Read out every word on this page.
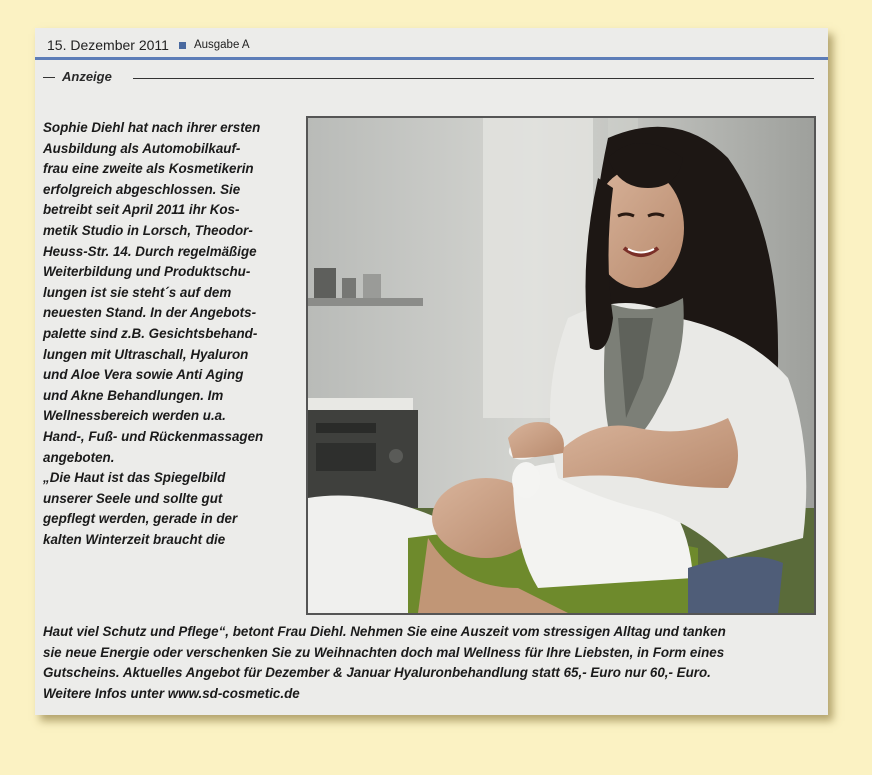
15. Dezember 2011 Ausgabe A
Anzeige
Sophie Diehl hat nach ihrer ersten
Ausbildung als Automobilkauf-
frau eine zweite als Kosmetikerin
erfolgreich abgeschlossen. Sie
betreibt seit April 2011 ihr Kos-
metik Studio in Lorsch, Theodor-
Heuss-Str. 14. Durch regelmäßige
Weiterbildung und Produktschu-
lungen ist sie steht´s auf dem
neuesten Stand. In der Angebots-
palette sind z.B. Gesichtsbehand-
lungen mit Ultraschall, Hyaluron
und Aloe Vera sowie Anti Aging
und Akne Behandlungen. Im
Wellnessbereich werden u.a.
Hand-, Fuß- und Rückenmassagen
angeboten.
„Die Haut ist das Spiegelbild
unserer Seele und sollte gut
gepflegt werden, gerade in der
kalten Winterzeit braucht die
Haut viel Schutz und Pflege“, betont Frau Diehl. Nehmen Sie eine Auszeit vom stressigen Alltag und tanken
sie neue Energie oder verschenken Sie zu Weihnachten doch mal Wellness für Ihre Liebsten, in Form eines
Gutscheins. Aktuelles Angebot für Dezember & Januar Hyaluronbehandlung statt 65,- Euro nur 60,- Euro.
Weitere Infos unter www.sd-cosmetic.de
